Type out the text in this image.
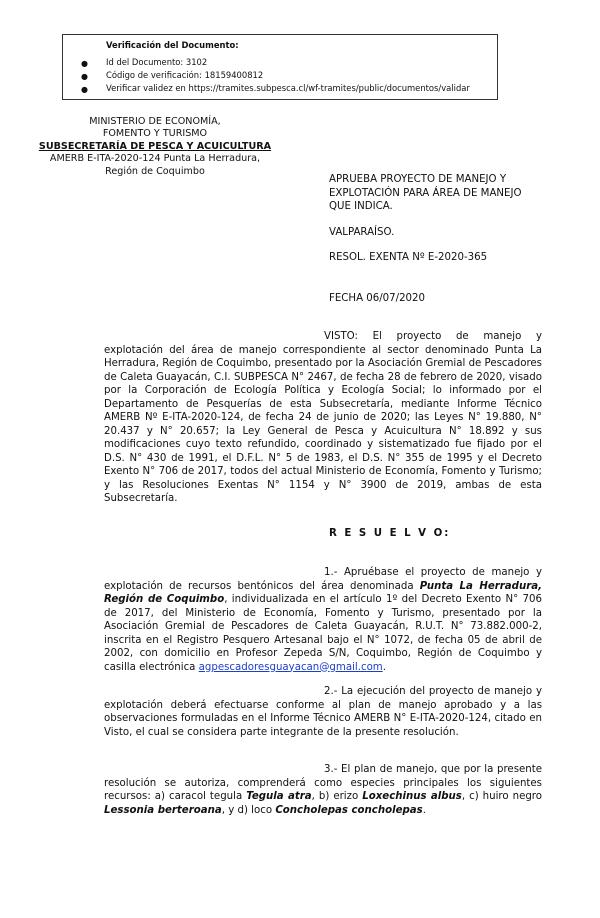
Verificación del Documento:
● Id del Documento: 3102
● Código de verificación: 18159400812
● Verificar validez en https://tramites.subpesca.cl/wf-tramites/public/documentos/validar
MINISTERIO DE ECONOMÍA,
FOMENTO Y TURISMO
SUBSECRETARÍA DE PESCA Y ACUICULTURA
AMERB E-ITA-2020-124 Punta La Herradura,
Región de Coquimbo
APRUEBA PROYECTO DE MANEJO Y
EXPLOTACIÓN PARA ÁREA DE MANEJO
QUE INDICA.
VALPARAÍSO.
RESOL. EXENTA Nº E-2020-365
FECHA 06/07/2020

VISTO: El proyecto de manejo y explotación del área de manejo correspondiente al sector denominado Punta La Herradura, Región de Coquimbo, presentado por la Asociación Gremial de Pescadores de Caleta Guayacán, C.I. SUBPESCA N° 2467, de fecha 28 de febrero de 2020, visado por la Corporación de Ecología Política y Ecología Social; lo informado por el Departamento de Pesquerías de esta Subsecretaría, mediante Informe Técnico AMERB Nº E-ITA-2020-124, de fecha 24 de junio de 2020; las Leyes N° 19.880, N° 20.437 y N° 20.657; la Ley General de Pesca y Acuicultura N° 18.892 y sus modificaciones cuyo texto refundido, coordinado y sistematizado fue fijado por el D.S. N° 430 de 1991, el D.F.L. N° 5 de 1983, el D.S. N° 355 de 1995 y el Decreto Exento N° 706 de 2017, todos del actual Ministerio de Economía, Fomento y Turismo; y las Resoluciones Exentas N° 1154 y N° 3900 de 2019, ambas de esta Subsecretaría.

R E S U E L V O:

1.- Apruébase el proyecto de manejo y explotación de recursos bentónicos del área denominada Punta La Herradura, Región de Coquimbo, individualizada en el artículo 1º del Decreto Exento N° 706 de 2017, del Ministerio de Economía, Fomento y Turismo, presentado por la Asociación Gremial de Pescadores de Caleta Guayacán, R.U.T. N° 73.882.000-2, inscrita en el Registro Pesquero Artesanal bajo el N° 1072, de fecha 05 de abril de 2002, con domicilio en Profesor Zepeda S/N, Coquimbo, Región de Coquimbo y casilla electrónica agpescadoresguayacan@gmail.com.

2.- La ejecución del proyecto de manejo y explotación deberá efectuarse conforme al plan de manejo aprobado y a las observaciones formuladas en el Informe Técnico AMERB N° E-ITA-2020-124, citado en Visto, el cual se considera parte integrante de la presente resolución.

3.- El plan de manejo, que por la presente resolución se autoriza, comprenderá como especies principales los siguientes recursos: a) caracol tegula Tegula atra, b) erizo Loxechinus albus, c) huiro negro Lessonia berteroana, y d) loco Concholepas concholepas.
